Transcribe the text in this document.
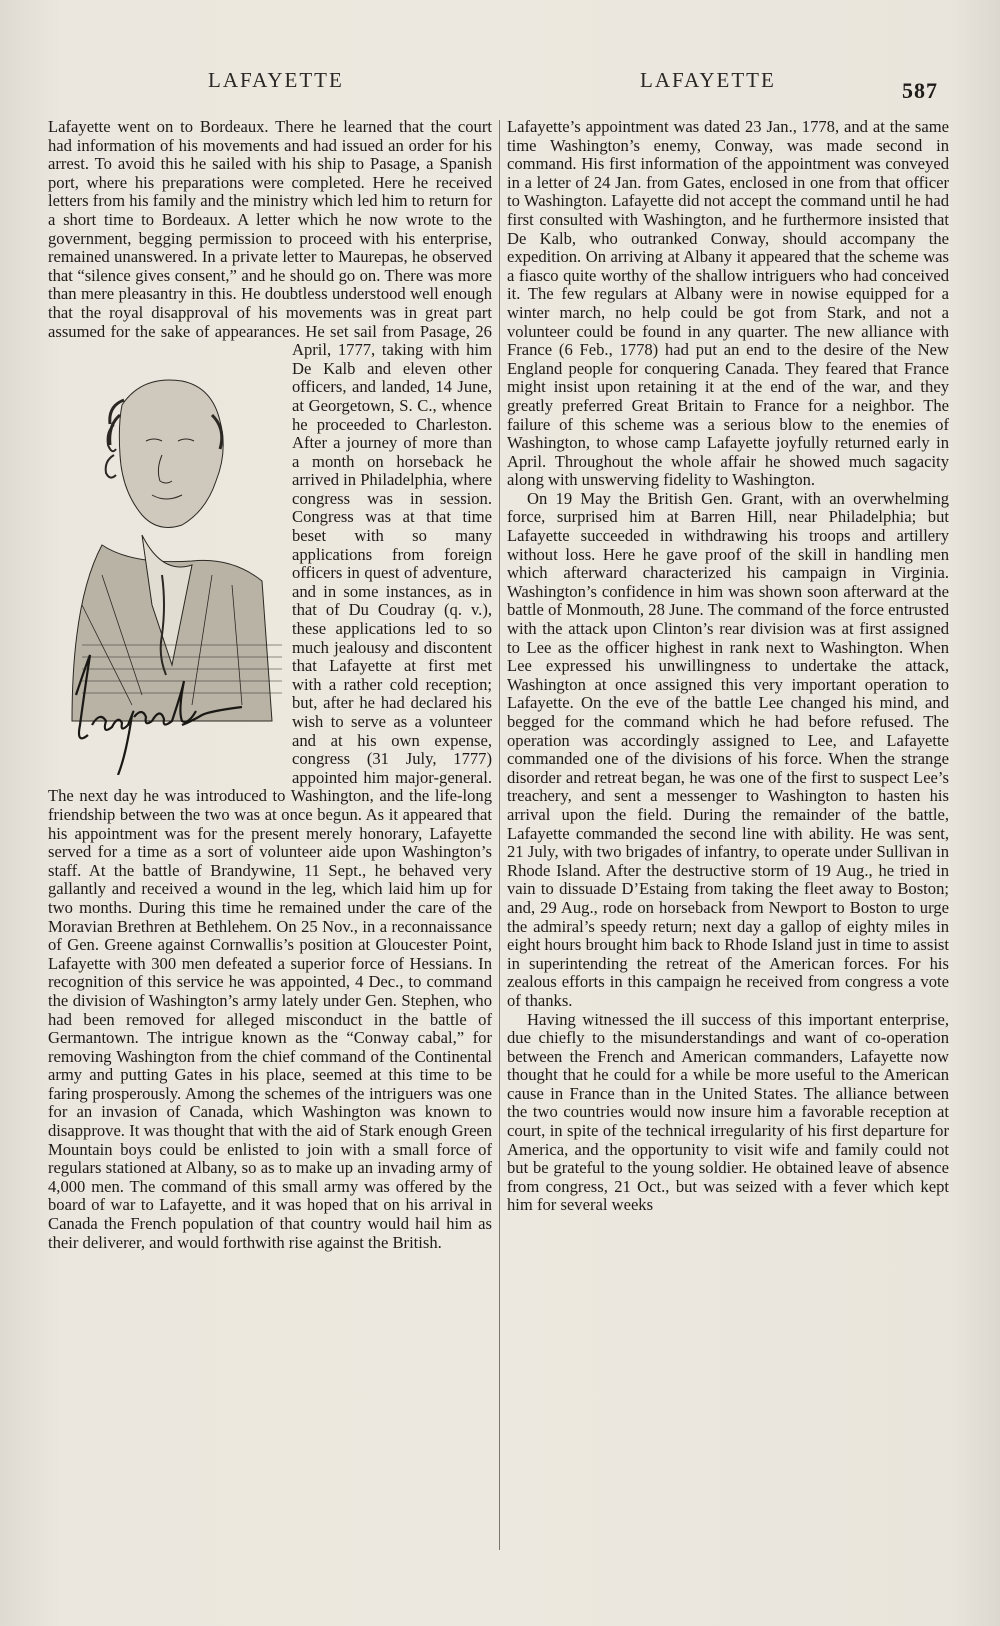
LAFAYETTE	LAFAYETTE	587

Lafayette went on to Bordeaux. There he learned that the court had information of his movements and had issued an order for his arrest. To avoid this he sailed with his ship to Pasage, a Spanish port, where his preparations were completed. Here he received letters from his family and the ministry which led him to return for a short time to Bordeaux. A letter which he now wrote to the government, begging permission to proceed with his enterprise, remained unanswered. In a private letter to Maurepas, he observed that “silence gives consent,” and he should go on. There was more than mere pleasantry in this. He doubtless understood well enough that the royal disapproval of his movements was in great part assumed for the sake of appearances.
He set sail from Pasage, 26 April, 1777, taking with him De Kalb and eleven other officers, and landed, 14 June, at Georgetown, S. C., whence he proceeded to Charleston. After a journey of more than a month on horseback he arrived in Philadelphia, where congress was in session. Congress was at that time beset with so many applications from foreign officers in quest of adventure, and in some instances, as in that of Du Coudray (q. v.), these applications led to so much jealousy and discontent that Lafayette at first met with a rather cold reception; but, after he had declared his wish to serve as a volunteer and at his own expense, congress (31 July, 1777) appointed him major-general. The next day he was introduced to Washington, and the life-long friendship between the two was at once begun. As it appeared that his appointment was for the present merely honorary, Lafayette served for a time as a sort of volunteer aide upon Washington’s staff. At the battle of Brandywine, 11 Sept., he behaved very gallantly and received a wound in the leg, which laid him up for two months. During this time he remained under the care of the Moravian Brethren at Bethlehem. On 25 Nov., in a reconnaissance of Gen. Greene against Cornwallis’s position at Gloucester Point, Lafayette with 300 men defeated a superior force of Hessians. In recognition of this service he was appointed, 4 Dec., to command the division of Washington’s army lately under Gen. Stephen, who had been removed for alleged misconduct in the battle of Germantown. The intrigue known as the “Conway cabal,” for removing Washington from the chief command of the Continental army and putting Gates in his place, seemed at this time to be faring prosperously. Among the schemes of the intriguers was one for an invasion of Canada, which Washington was known to disapprove. It was thought that with the aid of Stark enough Green Mountain boys could be enlisted to join with a small force of regulars stationed at Albany, so as to make up an invading army of 4,000 men. The command of this small army was offered by the board of war to Lafayette, and it was hoped that on his arrival in Canada the French population of that country would hail him as their deliverer, and would forthwith rise against the British.

Lafayette’s appointment was dated 23 Jan., 1778, and at the same time Washington’s enemy, Conway, was made second in command. His first information of the appointment was conveyed in a letter of 24 Jan. from Gates, enclosed in one from that officer to Washington. Lafayette did not accept the command until he had first consulted with Washington, and he furthermore insisted that De Kalb, who outranked Conway, should accompany the expedition. On arriving at Albany it appeared that the scheme was a fiasco quite worthy of the shallow intriguers who had conceived it. The few regulars at Albany were in nowise equipped for a winter march, no help could be got from Stark, and not a volunteer could be found in any quarter. The new alliance with France (6 Feb., 1778) had put an end to the desire of the New England people for conquering Canada. They feared that France might insist upon retaining it at the end of the war, and they greatly preferred Great Britain to France for a neighbor. The failure of this scheme was a serious blow to the enemies of Washington, to whose camp Lafayette joyfully returned early in April. Throughout the whole affair he showed much sagacity along with unswerving fidelity to Washington.

On 19 May the British Gen. Grant, with an overwhelming force, surprised him at Barren Hill, near Philadelphia; but Lafayette succeeded in withdrawing his troops and artillery without loss. Here he gave proof of the skill in handling men which afterward characterized his campaign in Virginia. Washington’s confidence in him was shown soon afterward at the battle of Monmouth, 28 June. The command of the force entrusted with the attack upon Clinton’s rear division was at first assigned to Lee as the officer highest in rank next to Washington. When Lee expressed his unwillingness to undertake the attack, Washington at once assigned this very important operation to Lafayette. On the eve of the battle Lee changed his mind, and begged for the command which he had before refused. The operation was accordingly assigned to Lee, and Lafayette commanded one of the divisions of his force. When the strange disorder and retreat began, he was one of the first to suspect Lee’s treachery, and sent a messenger to Washington to hasten his arrival upon the field. During the remainder of the battle, Lafayette commanded the second line with ability. He was sent, 21 July, with two brigades of infantry, to operate under Sullivan in Rhode Island. After the destructive storm of 19 Aug., he tried in vain to dissuade D’Estaing from taking the fleet away to Boston; and, 29 Aug., rode on horseback from Newport to Boston to urge the admiral’s speedy return; next day a gallop of eighty miles in eight hours brought him back to Rhode Island just in time to assist in superintending the retreat of the American forces. For his zealous efforts in this campaign he received from congress a vote of thanks.

Having witnessed the ill success of this important enterprise, due chiefly to the misunderstandings and want of co-operation between the French and American commanders, Lafayette now thought that he could for a while be more useful to the American cause in France than in the United States. The alliance between the two countries would now insure him a favorable reception at court, in spite of the technical irregularity of his first departure for America, and the opportunity to visit wife and family could not but be grateful to the young soldier. He obtained leave of absence from congress, 21 Oct., but was seized with a fever which kept him for several weeks
